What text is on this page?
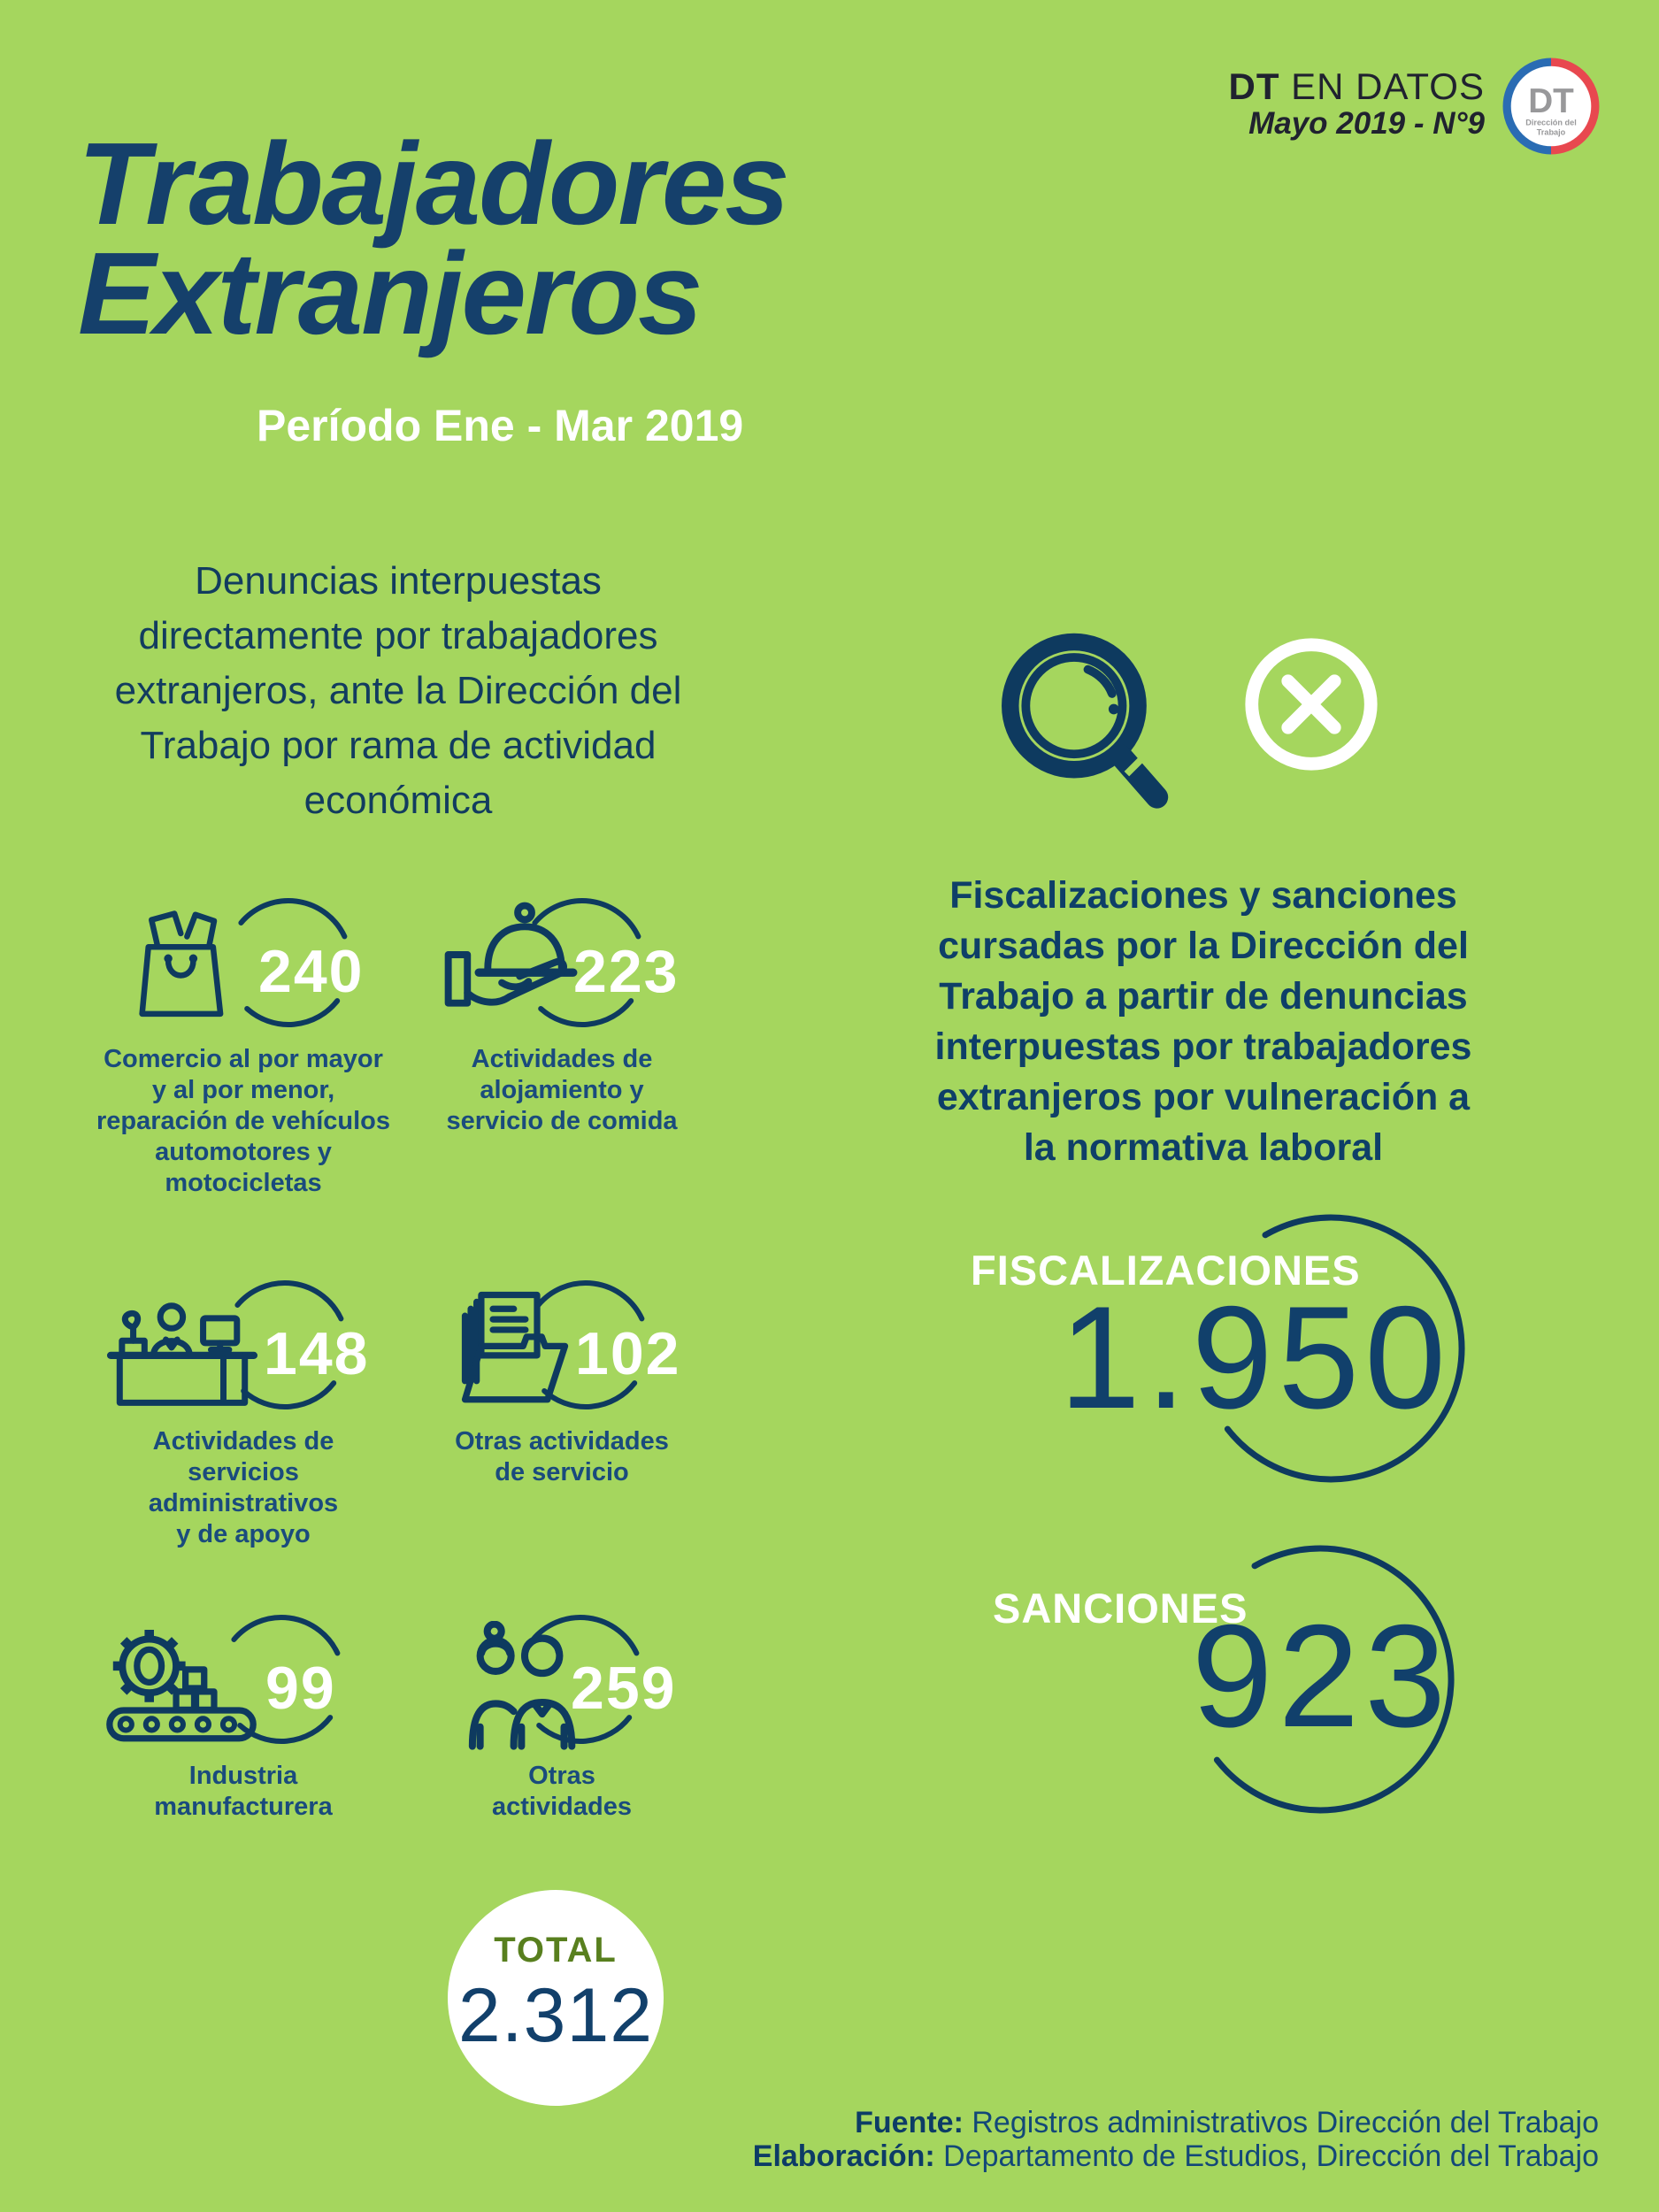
DT EN DATOS
Mayo 2019 - N°9
DT
Dirección del
Trabajo
Trabajadores
Extranjeros
Período Ene - Mar 2019
Denuncias interpuestas
directamente por trabajadores
extranjeros, ante la Dirección del
Trabajo por rama de actividad
económica
240	223
148	102
99	259
Comercio al por mayor
y al por menor,
reparación de vehículos
automotores y
motocicletas
Actividades de
alojamiento y
servicio de comida
Actividades de
servicios
administrativos
y de apoyo
Otras actividades
de servicio
Industria
manufacturera
Otras
actividades
TOTAL
2.312
Fiscalizaciones y sanciones
cursadas por la Dirección del
Trabajo a partir de denuncias
interpuestas por trabajadores
extranjeros por vulneración a
la normativa laboral
FISCALIZACIONES
1.950
SANCIONES
923
Fuente: Registros administrativos Dirección del Trabajo
Elaboración: Departamento de Estudios, Dirección del Trabajo
